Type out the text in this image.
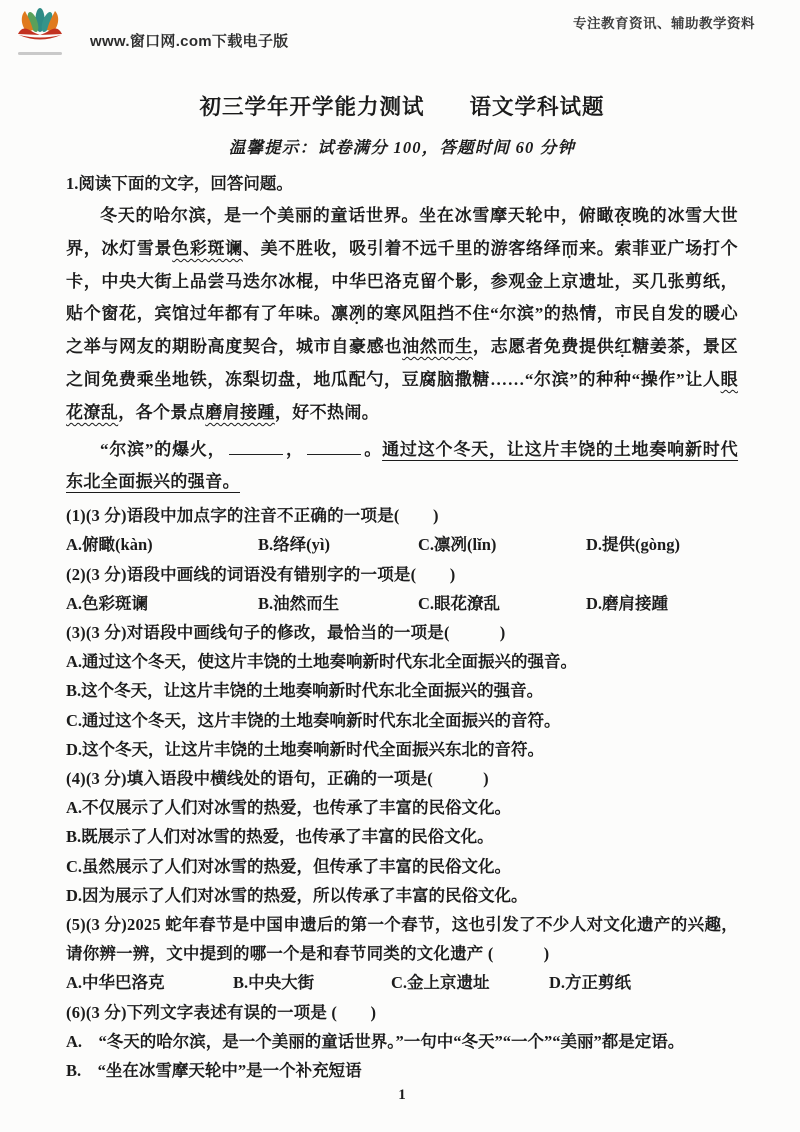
www.窗口网.com下载电子版
专注教育资讯、辅助教学资料
初三学年开学能力测试　　语文学科试题
温馨提示：试卷满分 100，答题时间 60 分钟
1.阅读下面的文字，回答问题。

冬天的哈尔滨，是一个美丽的童话世界。坐在冰雪摩天轮中，俯瞰夜晚的冰雪大世界，冰灯雪景色彩斑谰、美不胜收，吸引着不远千里的游客络绎而来。索菲亚广场打个卡，中央大街上品尝马迭尔冰棍，中华巴洛克留个影，参观金上京遗址，买几张剪纸，贴个窗花，宾馆过年都有了年味。凛冽的寒风阻挡不住“尔滨”的热情，市民自发的暖心之举与网友的期盼高度契合，城市自豪感也油然而生，志愿者免费提供红糖姜茶，景区之间免费乘坐地铁，冻梨切盘，地瓜配勺，豆腐脑撒糖……“尔滨”的种种“操作”让人眼花潦乱，各个景点磨肩接踵，好不热闹。

“尔滨”的爆火，	，	。通过这个冬天，让这片丰饶的土地奏响新时代东北全面振兴的强音。

(1)(3 分)语段中加点字的注音不正确的一项是(　　)
A.俯瞰(kàn)	B.络绎(yì)	C.凛冽(lǐn)	D.提供(gòng)
(2)(3 分)语段中画线的词语没有错别字的一项是(　　)
A.色彩斑谰	B.油然而生	C.眼花潦乱	D.磨肩接踵
(3)(3 分)对语段中画线句子的修改，最恰当的一项是(　　　)
A.通过这个冬天，使这片丰饶的土地奏响新时代东北全面振兴的强音。
B.这个冬天，让这片丰饶的土地奏响新时代东北全面振兴的强音。
C.通过这个冬天，这片丰饶的土地奏响新时代东北全面振兴的音符。
D.这个冬天，让这片丰饶的土地奏响新时代全面振兴东北的音符。
(4)(3 分)填入语段中横线处的语句，正确的一项是(　　　)
A.不仅展示了人们对冰雪的热爱，也传承了丰富的民俗文化。
B.既展示了人们对冰雪的热爱，也传承了丰富的民俗文化。
C.虽然展示了人们对冰雪的热爱，但传承了丰富的民俗文化。
D.因为展示了人们对冰雪的热爱，所以传承了丰富的民俗文化。
(5)(3 分)2025 蛇年春节是中国申遗后的第一个春节，这也引发了不少人对文化遗产的兴趣，请你辨一辨，文中提到的哪一个是和春节同类的文化遗产 (　　　)
A.中华巴洛克	B.中央大街	C.金上京遗址	D.方正剪纸
(6)(3 分)下列文字表述有误的一项是 (　　)
A.　“冬天的哈尔滨，是一个美丽的童话世界。”一句中“冬天”“一个”“美丽”都是定语。
B.　“坐在冰雪摩天轮中”是一个补充短语
1
